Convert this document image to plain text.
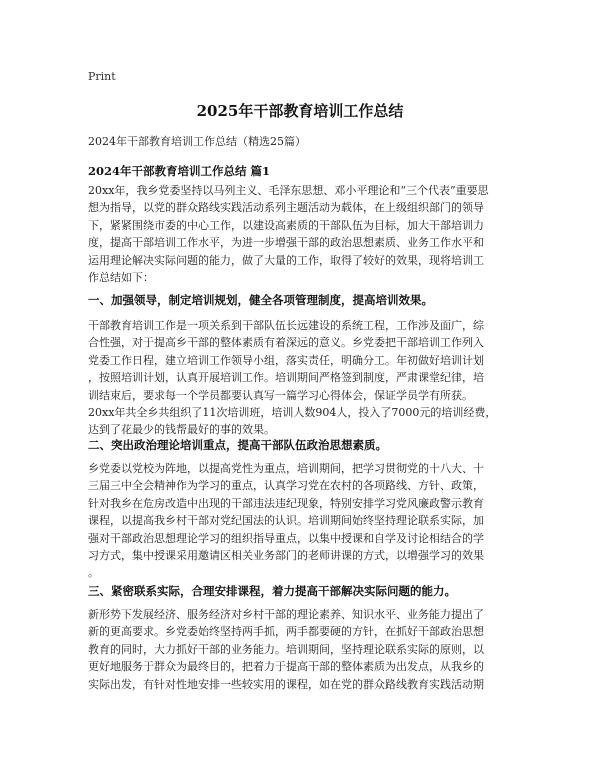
Print
2025年干部教育培训工作总结
2024年干部教育培训工作总结（精选25篇）
2024年干部教育培训工作总结 篇1
20xx年，我乡党委坚持以马列主义、毛泽东思想、邓小平理论和“三个代表”重要思
想为指导，以党的群众路线实践活动系列主题活动为载体，在上级组织部门的领导
下，紧紧围绕市委的中心工作，以建设高素质的干部队伍为目标，加大干部培训力
度，提高干部培训工作水平，为进一步增强干部的政治思想素质、业务工作水平和
运用理论解决实际问题的能力，做了大量的工作，取得了较好的效果，现将培训工
作总结如下：
一、加强领导，制定培训规划，健全各项管理制度，提高培训效果。
干部教育培训工作是一项关系到干部队伍长远建设的系统工程，工作涉及面广，综
合性强，对于提高乡干部的整体素质有着深远的意义。乡党委把干部培训工作列入
党委工作日程，建立培训工作领导小组，落实责任，明确分工。年初做好培训计划
，按照培训计划，认真开展培训工作。培训期间严格签到制度，严肃课堂纪律，培
训结束后，要求每一个学员都要认真写一篇学习心得体会，保证学员学有所获。
20xx年共全乡共组织了11次培训班，培训人数904人，投入了7000元的培训经费，
达到了花最少的钱帮最好的事的效果。
二、突出政治理论培训重点，提高干部队伍政治思想素质。
乡党委以党校为阵地，以提高党性为重点，培训期间，把学习贯彻党的十八大、十
三届三中全会精神作为学习的重点，认真学习党在农村的各项路线、方针、政策，
针对我乡在危房改造中出现的干部违法违纪现象，特别安排学习党风廉政警示教育
课程，以提高我乡村干部对党纪国法的认识。培训期间始终坚持理论联系实际，加
强对干部政治思想理论学习的组织指导重点，以集中授课和自学及讨论相结合的学
习方式，集中授课采用邀请区相关业务部门的老师讲课的方式，以增强学习的效果
。
三、紧密联系实际，合理安排课程，着力提高干部解决实际问题的能力。
新形势下发展经济、服务经济对乡村干部的理论素养、知识水平、业务能力提出了
新的更高要求。乡党委始终坚持两手抓，两手都要硬的方针，在抓好干部政治思想
教育的同时，大力抓好干部的业务能力。培训期间，坚持理论联系实际的原则，以
更好地服务于群众为最终目的，把着力于提高干部的整体素质为出发点，从我乡的
实际出发，有针对性地安排一些较实用的课程，如在党的群众路线教育实践活动期
